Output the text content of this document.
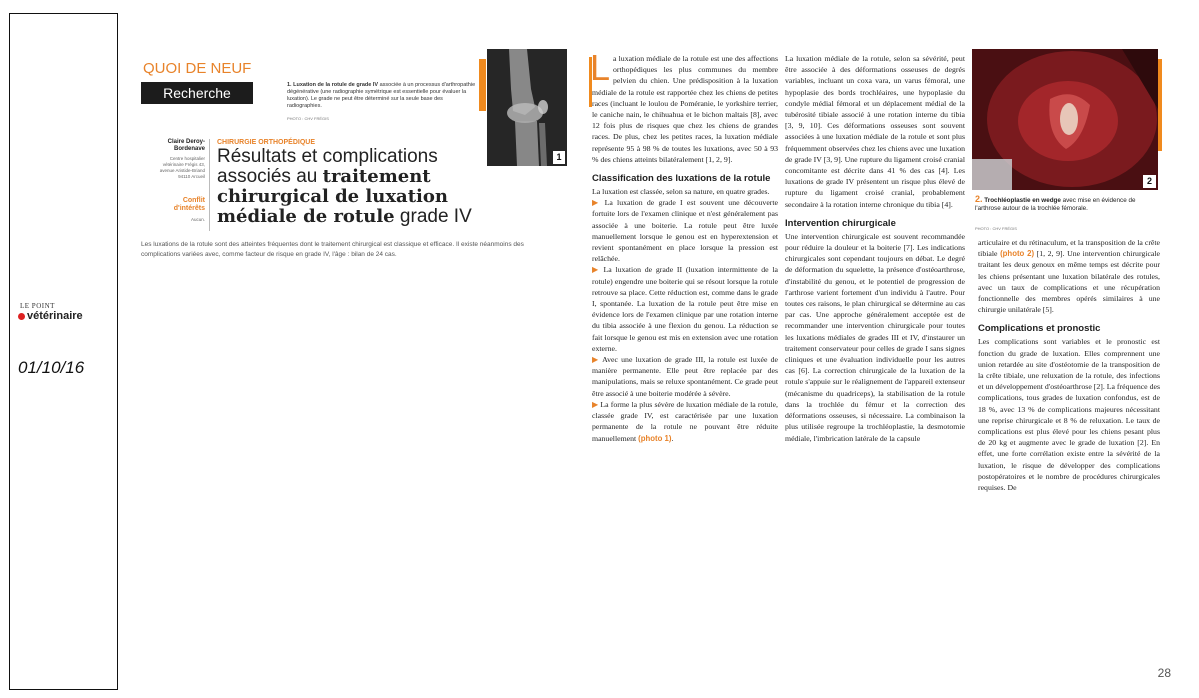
LE POINT
vétérinaire
01/10/16
QUOI DE NEUF
Recherche	1. Luxation de la rotule de grade IV associée à un processus d'arthropathie dégénérative (une radiographie symétrique est essentielle pour évaluer la luxation). Le grade ne peut être déterminé sur la seule base des radiographies.
PHOTO : CHV FRÉGIS
1
Claire Deroy-Bordenave
Centre hospitalier vétérinaire Frégis 43, avenue Aristide-Briand 94110 Arcueil
Conflit d'intérêts
Aucun.
CHIRURGIE ORTHOPÉDIQUE
Résultats et complications associés au traitement chirurgical de luxation médiale de rotule grade IV
Les luxations de la rotule sont des atteintes fréquentes dont le traitement chirurgical est classique et efficace. Il existe néanmoins des complications variées avec, comme facteur de risque en grade IV, l'âge : bilan de 24 cas.

La luxation médiale de la rotule est une des affections orthopédiques les plus communes du membre pelvien du chien. Une prédisposition à la luxation médiale de la rotule est rapportée chez les chiens de petites races (incluant le loulou de Poméranie, le yorkshire terrier, le caniche nain, le chihuahua et le bichon maltais [8], avec 12 fois plus de risques que chez les chiens de grandes races. De plus, chez les petites races, la luxation médiale représente 95 à 98 % de toutes les luxations, avec 50 à 93 % des chiens atteints bilatéralement [1, 2, 9].

Classification des luxations de la rotule

La luxation est classée, selon sa nature, en quatre grades.

▶ La luxation de grade I est souvent une découverte fortuite lors de l'examen clinique et n'est généralement pas associée à une boiterie. La rotule peut être luxée manuellement lorsque le genou est en hyperextension et revient spontanément en place lorsque la pression est relâchée.

▶ La luxation de grade II (luxation intermittente de la rotule) engendre une boiterie qui se résout lorsque la rotule retrouve sa place. Cette réduction est, comme dans le grade I, spontanée. La luxation de la rotule peut être mise en évidence lors de l'examen clinique par une rotation interne du tibia associée à une flexion du genou. La réduction se fait lorsque le genou est mis en extension avec une rotation externe.

▶ Avec une luxation de grade III, la rotule est luxée de manière permanente. Elle peut être replacée par des manipulations, mais se reluxe spontanément. Ce grade peut être associé à une boiterie modérée à sévère.

▶ La forme la plus sévère de luxation médiale de la rotule, classée grade IV, est caractérisée par une luxation permanente de la rotule ne pouvant être réduite manuellement (photo 1).

La luxation médiale de la rotule, selon sa sévérité, peut être associée à des déformations osseuses de degrés variables, incluant un coxa vara, un varus fémoral, une hypoplasie des bords trochléaires, une hypoplasie du condyle médial fémoral et un déplacement médial de la tubérosité tibiale associé à une rotation interne du tibia [3, 9, 10]. Ces déformations osseuses sont souvent associées à une luxation médiale de la rotule et sont plus fréquemment observées chez les chiens avec une luxation de grade IV [3, 9]. Une rupture du ligament croisé cranial concomitante est décrite dans 41 % des cas [4]. Les luxations de grade IV présentent un risque plus élevé de rupture du ligament croisé cranial, probablement secondaire à la rotation interne chronique du tibia [4].

Intervention chirurgicale

Une intervention chirurgicale est souvent recommandée pour réduire la douleur et la boiterie [7]. Les indications chirurgicales sont cependant toujours en débat. Le degré de déformation du squelette, la présence d'ostéoarthrose, d'instabilité du genou, et le potentiel de progression de l'arthrose varient fortement d'un individu à l'autre. Pour toutes ces raisons, le plan chirurgical se détermine au cas par cas. Une approche généralement acceptée est de recommander une intervention chirurgicale pour toutes les luxations médiales de grades III et IV, d'instaurer un traitement conservateur pour celles de grade I sans signes cliniques et une évaluation individuelle pour les autres cas [6]. La correction chirurgicale de la luxation de la rotule s'appuie sur le réalignement de l'appareil extenseur (mécanisme du quadriceps), la stabilisation de la rotule dans la trochlée du fémur et la correction des déformations osseuses, si nécessaire. La combinaison la plus utilisée regroupe la trochléoplastie, la desmotomie médiale, l'imbrication latérale de la capsule

2
2. Trochléoplastie en wedge avec mise en évidence de l'arthrose autour de la trochlée fémorale.
PHOTO : CHV FRÉGIS

articulaire et du rétinaculum, et la transposition de la crête tibiale (photo 2) [1, 2, 9]. Une intervention chirurgicale traitant les deux genoux en même temps est décrite pour les chiens présentant une luxation bilatérale des rotules, avec un taux de complications et une récupération fonctionnelle des membres opérés similaires à une chirurgie unilatérale [5].

Complications et pronostic

Les complications sont variables et le pronostic est fonction du grade de luxation. Elles comprennent une union retardée au site d'ostéotomie de la transposition de la crête tibiale, une reluxation de la rotule, des infections et un développement d'ostéoarthrose [2]. La fréquence des complications, tous grades de luxation confondus, est de 18 %, avec 13 % de complications majeures nécessitant une reprise chirurgicale et 8 % de reluxation. Le taux de complications est plus élevé pour les chiens pesant plus de 20 kg et augmente avec le grade de luxation [2]. En effet, une forte corrélation existe entre la sévérité de la luxation, le risque de développer des complications postopératoires et le nombre de procédures chirurgicales requises. De

28
